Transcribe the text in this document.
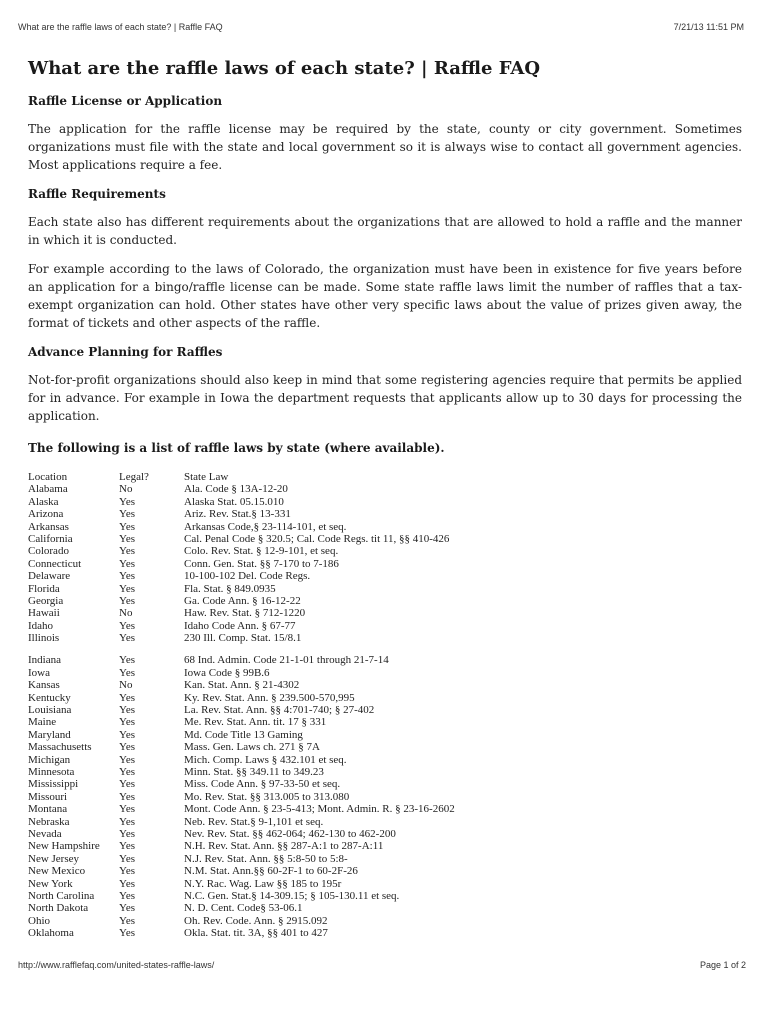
What are the raffle laws of each state? | Raffle FAQ	7/21/13 11:51 PM
What are the raffle laws of each state? | Raffle FAQ
Raffle License or Application

The application for the raffle license may be required by the state, county or city government. Sometimes organizations must file with the state and local government so it is always wise to contact all government agencies. Most applications require a fee.

Raffle Requirements

Each state also has different requirements about the organizations that are allowed to hold a raffle and the manner in which it is conducted.

For example according to the laws of Colorado, the organization must have been in existence for five years before an application for a bingo/raffle license can be made. Some state raffle laws limit the number of raffles that a tax-exempt organization can hold. Other states have other very specific laws about the value of prizes given away, the format of tickets and other aspects of the raffle.

Advance Planning for Raffles

Not-for-profit organizations should also keep in mind that some registering agencies require that permits be applied for in advance. For example in Iowa the department requests that applicants allow up to 30 days for processing the application.

The following is a list of raffle laws by state (where available).
Location	Legal?	State Law
Alabama	No	Ala. Code § 13A-12-20
Alaska	Yes	Alaska Stat. 05.15.010
Arizona	Yes	Ariz. Rev. Stat.§ 13-331
Arkansas	Yes	Arkansas Code,§ 23-114-101, et seq.
California	Yes	Cal. Penal Code § 320.5; Cal. Code Regs. tit 11, §§ 410-426
Colorado	Yes	Colo. Rev. Stat. § 12-9-101, et seq.
Connecticut	Yes	Conn. Gen. Stat. §§ 7-170 to 7-186
Delaware	Yes	10-100-102 Del. Code Regs.
Florida	Yes	Fla. Stat. § 849.0935
Georgia	Yes	Ga. Code Ann. § 16-12-22
Hawaii	No	Haw. Rev. Stat. § 712-1220
Idaho	Yes	Idaho Code Ann. § 67-77
Illinois	Yes	230 Ill. Comp. Stat. 15/8.1

Indiana	Yes	68 Ind. Admin. Code 21-1-01 through 21-7-14
Iowa	Yes	Iowa Code § 99B.6
Kansas	No	Kan. Stat. Ann. § 21-4302
Kentucky	Yes	Ky. Rev. Stat. Ann. § 239.500-570,995
Louisiana	Yes	La. Rev. Stat. Ann. §§ 4:701-740; § 27-402
Maine	Yes	Me. Rev. Stat. Ann. tit. 17 § 331
Maryland	Yes	Md. Code Title 13 Gaming
Massachusetts	Yes	Mass. Gen. Laws ch. 271 § 7A
Michigan	Yes	Mich. Comp. Laws § 432.101 et seq.
Minnesota	Yes	Minn. Stat. §§ 349.11 to 349.23
Mississippi	Yes	Miss. Code Ann. § 97-33-50 et seq.
Missouri	Yes	Mo. Rev. Stat. §§ 313.005 to 313.080
Montana	Yes	Mont. Code Ann. § 23-5-413; Mont. Admin. R. § 23-16-2602
Nebraska	Yes	Neb. Rev. Stat.§ 9-1,101 et seq.
Nevada	Yes	Nev. Rev. Stat. §§ 462-064; 462-130 to 462-200
New Hampshire	Yes	N.H. Rev. Stat. Ann. §§ 287-A:1 to 287-A:11
New Jersey	Yes	N.J. Rev. Stat. Ann. §§ 5:8-50 to 5:8-
New Mexico	Yes	N.M. Stat. Ann.§§ 60-2F-1 to 60-2F-26
New York	Yes	N.Y. Rac. Wag. Law §§ 185 to 195r
North Carolina	Yes	N.C. Gen. Stat.§ 14-309.15; § 105-130.11 et seq.
North Dakota	Yes	N. D. Cent. Code§ 53-06.1
Ohio	Yes	Oh. Rev. Code. Ann. § 2915.092
Oklahoma	Yes	Okla. Stat. tit. 3A, §§ 401 to 427
http://www.rafflefaq.com/united-states-raffle-laws/	Page 1 of 2
